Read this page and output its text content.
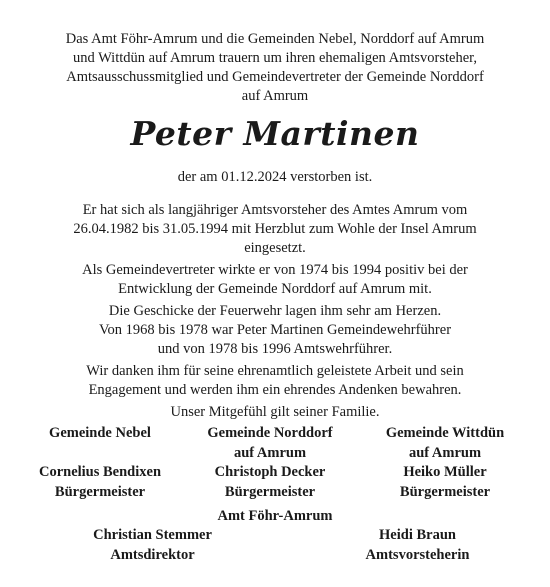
Das Amt Föhr-Amrum und die Gemeinden Nebel, Norddorf auf Amrum
und Wittdün auf Amrum trauern um ihren ehemaligen Amtsvorsteher,
Amtsausschussmitglied und Gemeindevertreter der Gemeinde Norddorf
auf Amrum
Peter Martinen
der am 01.12.2024 verstorben ist.

Er hat sich als langjähriger Amtsvorsteher des Amtes Amrum vom
26.04.1982 bis 31.05.1994 mit Herzblut zum Wohle der Insel Amrum
eingesetzt.

Als Gemeindevertreter wirkte er von 1974 bis 1994 positiv bei der
Entwicklung der Gemeinde Norddorf auf Amrum mit.

Die Geschicke der Feuerwehr lagen ihm sehr am Herzen.
Von 1968 bis 1978 war Peter Martinen Gemeindewehrführer
und von 1978 bis 1996 Amtswehrführer.

Wir danken ihm für seine ehrenamtlich geleistete Arbeit und sein
Engagement und werden ihm ein ehrendes Andenken bewahren.

Unser Mitgefühl gilt seiner Familie.

Gemeinde Nebel
Cornelius Bendixen
Bürgermeister
Gemeinde Norddorf
auf Amrum
Christoph Decker
Bürgermeister
Gemeinde Wittdün
auf Amrum
Heiko Müller
Bürgermeister
Amt Föhr-Amrum
Christian Stemmer
Amtsdirektor
Heidi Braun
Amtsvorsteherin
